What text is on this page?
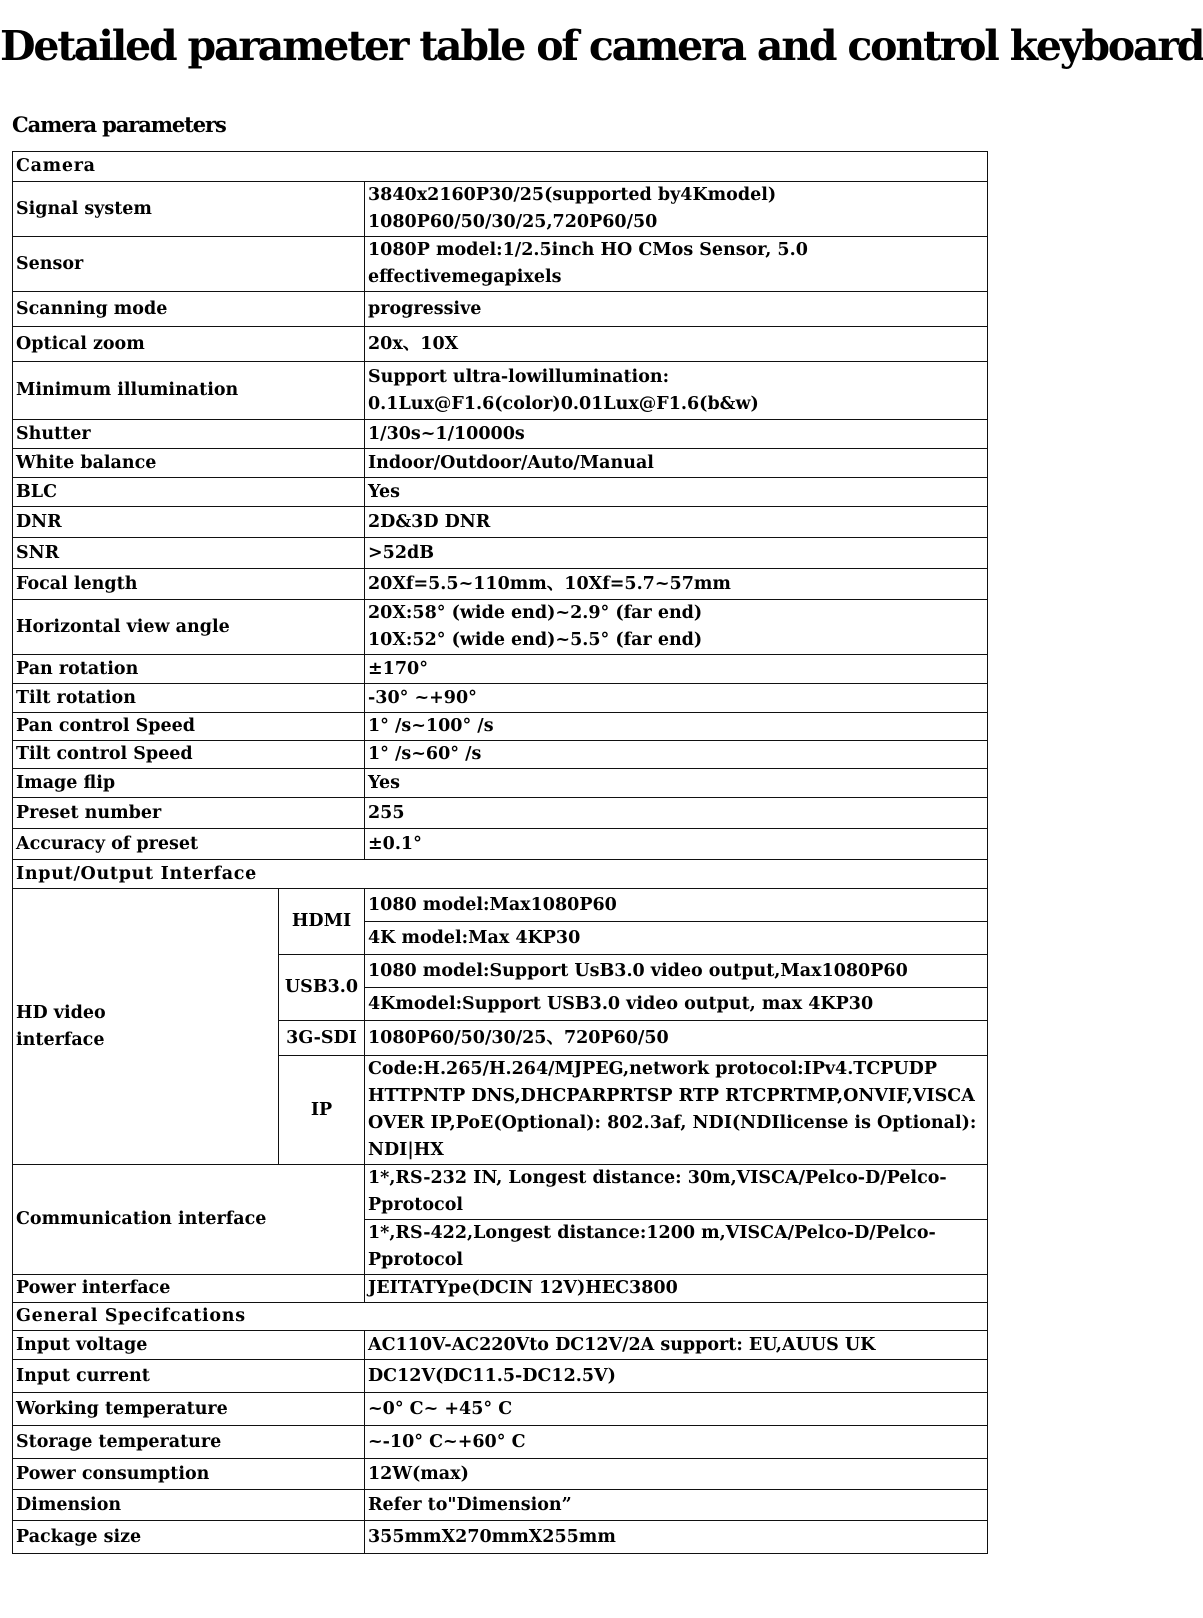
Detailed parameter table of camera and control keyboard
Camera parameters
Camera		
Signal system		3840x2160P30/25(supported by4Kmodel)
1080P60/50/30/25,720P60/50

Sensor		1080P model:1/2.5inch HO CMos Sensor, 5.0
effectivemegapixels

Scanning mode		progressive
Optical zoom		20x、10X
Minimum illumination		Support ultra-lowillumination:
0.1Lux@F1.6(color)0.01Lux@F1.6(b&w)

Shutter		1/30s~1/10000s
White balance		Indoor/Outdoor/Auto/Manual
BLC		Yes
DNR		2D&3D DNR
SNR		>52dB
Focal length		20Xf=5.5~110mm、10Xf=5.7~57mm
Horizontal view angle		20X:58° (wide end)~2.9° (far end)
10X:52° (wide end)~5.5° (far end)

Pan rotation		±170°
Tilt rotation		-30° ~+90°
Pan control Speed		1° /s~100° /s
Tilt control Speed		1° /s~60° /s
Image flip		Yes
Preset number		255
Accuracy of preset		±0.1°
Input/Output Interface		

HD video
interface	HDMI	1080 model:Max1080P60
		4K model:Max 4KP30
	USB3.0	1080 model:Support UsB3.0 video output,Max1080P60
		4Kmodel:Support USB3.0 video output, max 4KP30
	3G-SDI	1080P60/50/30/25、720P60/50
	IP	Code:H.265/H.264/MJPEG,network protocol:IPv4.TCPUDP
HTTPNTP DNS,DHCPARPRTSP RTP RTCPRTMP,ONVIF,VISCA
OVER IP,PoE(Optional): 802.3af, NDI(NDIlicense is Optional):
NDI|HX

Communication interface		1*,RS-232 IN, Longest distance: 30m,VISCA/Pelco-D/Pelco-
Pprotocol

		1*,RS-422,Longest distance:1200 m,VISCA/Pelco-D/Pelco-
Pprotocol

Power interface		JEITATYpe(DCIN 12V)HEC3800
General Specifcations		
Input voltage		AC110V-AC220Vto DC12V/2A support: EU,AUUS UK
Input current		DC12V(DC11.5-DC12.5V)
Working temperature		~0° C~ +45° C
Storage temperature		~-10° C~+60° C
Power consumption		12W(max)
Dimension		Refer to"Dimension”
Package size		355mmX270mmX255mm
